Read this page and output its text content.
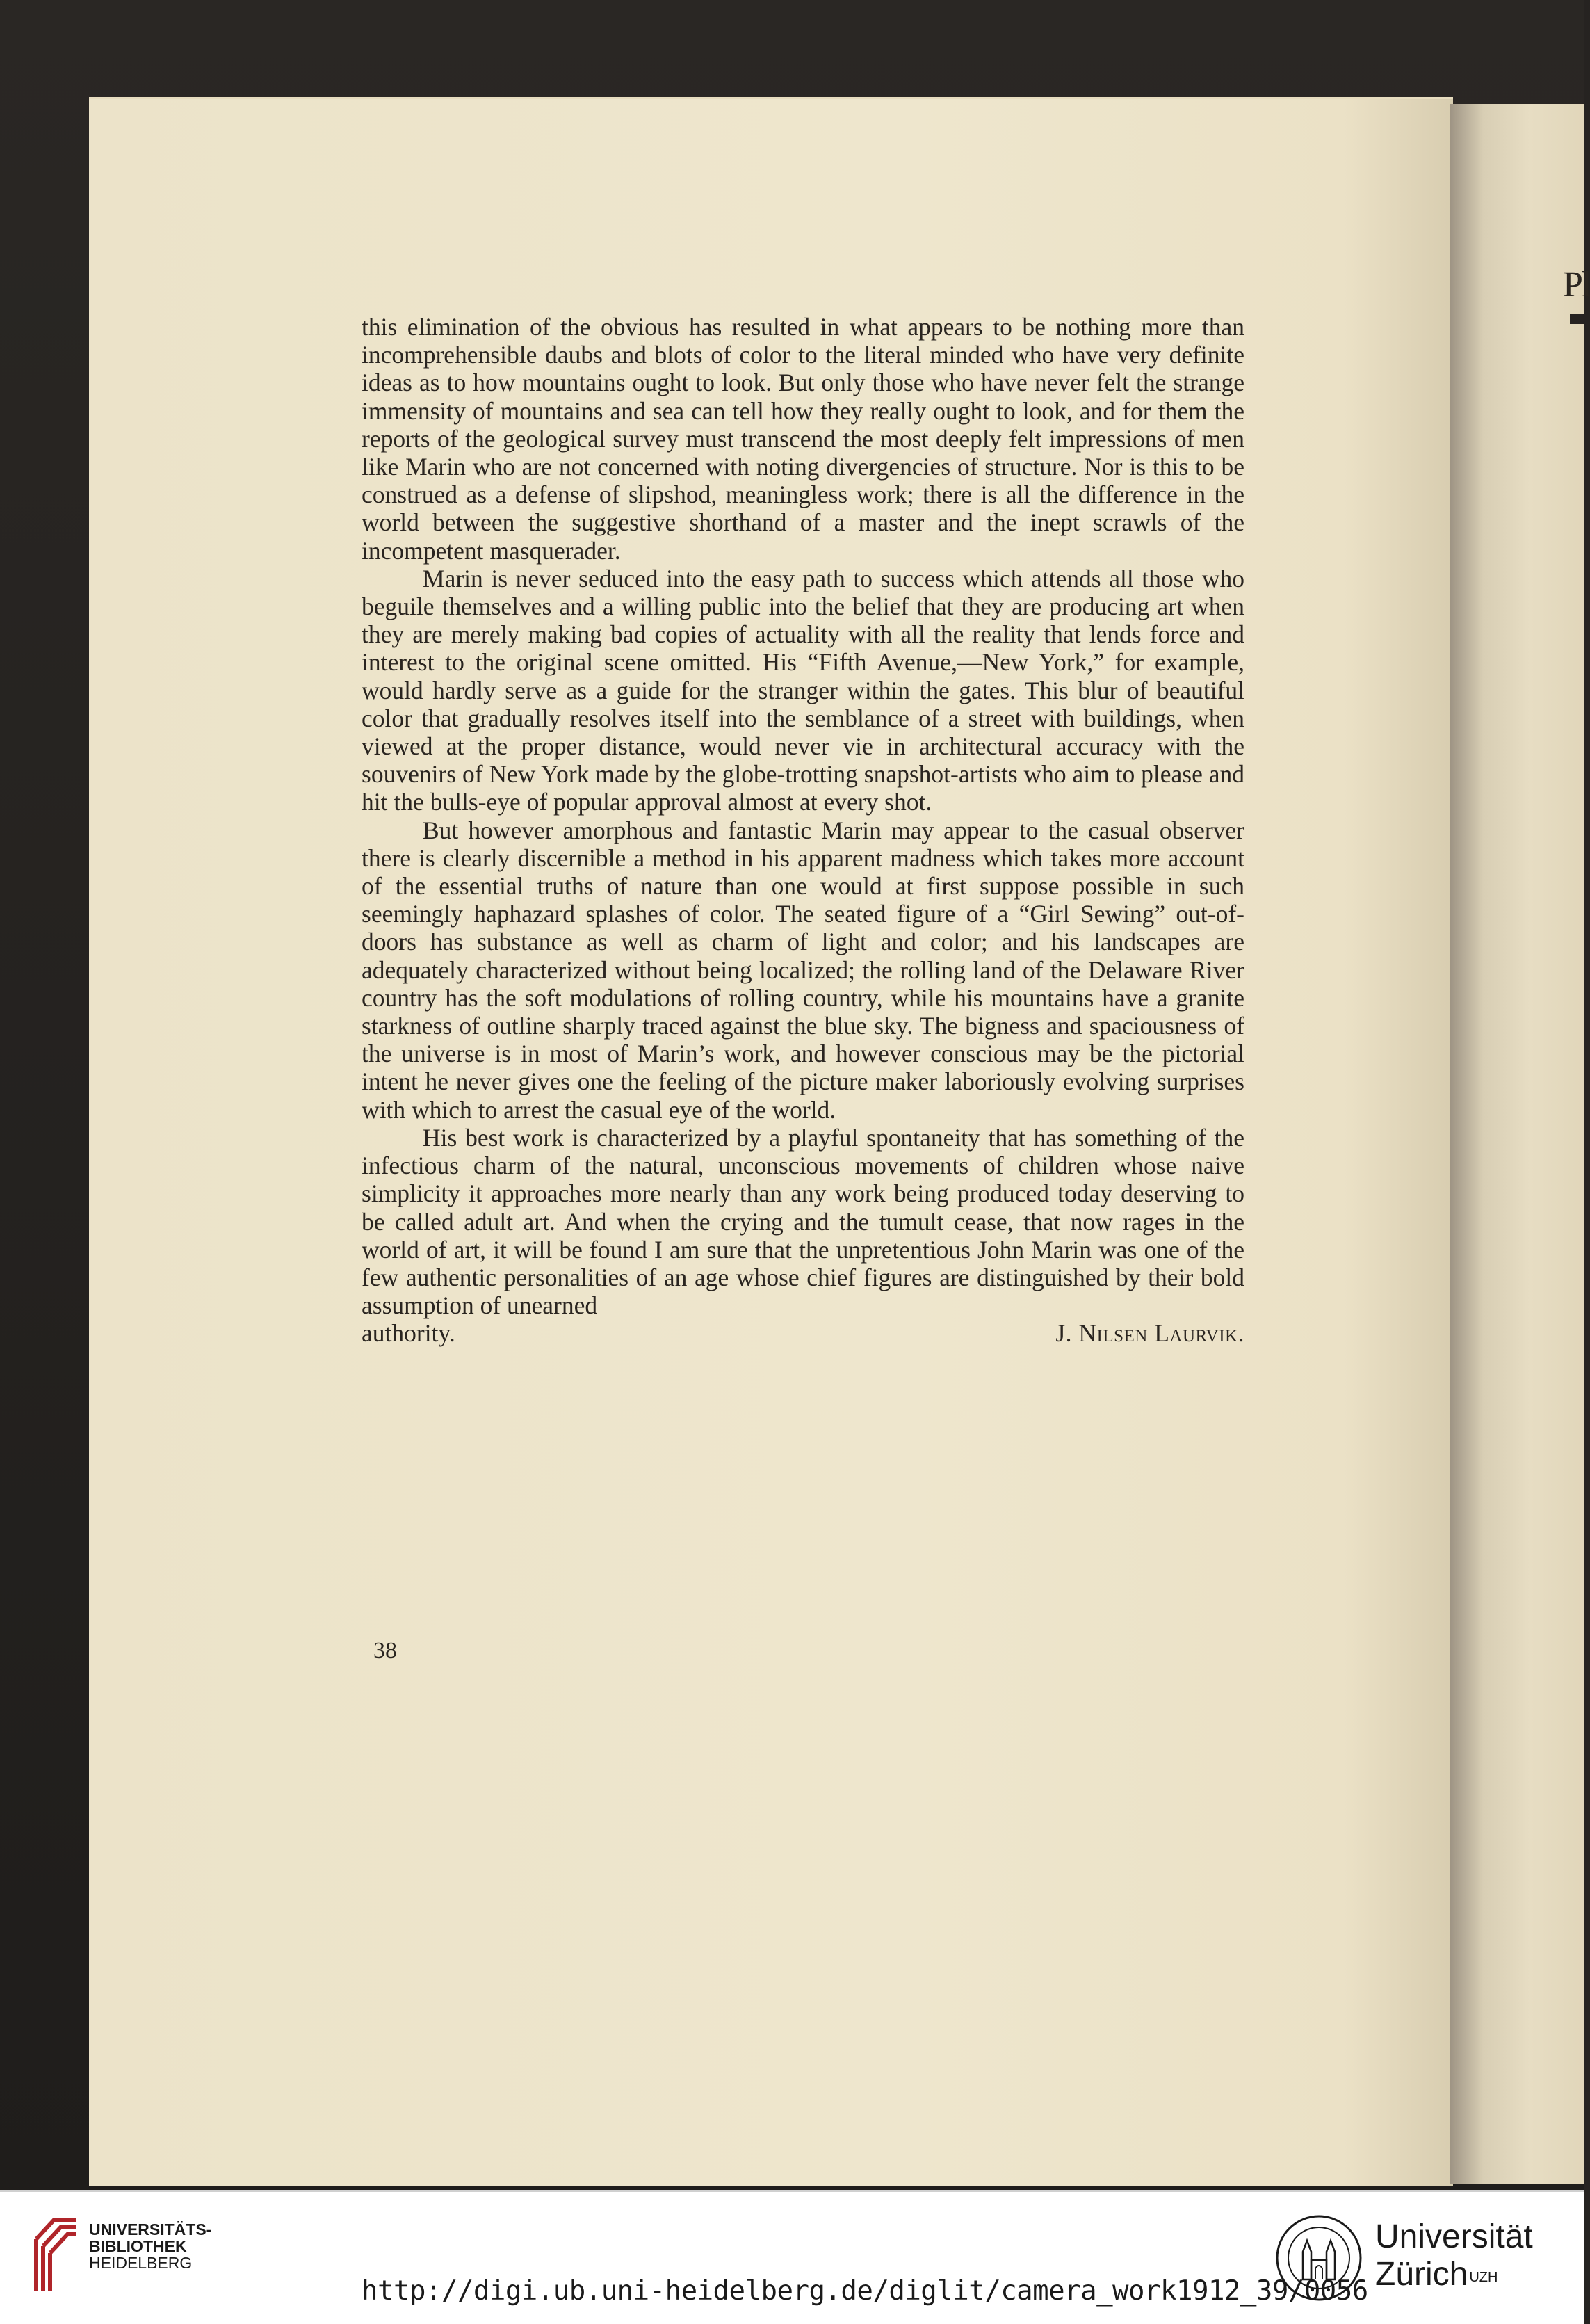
Pl

this elimination of the obvious has resulted in what appears to be nothing more than incomprehensible daubs and blots of color to the literal minded who have very definite ideas as to how mountains ought to look. But only those who have never felt the strange immensity of mountains and sea can tell how they really ought to look, and for them the reports of the geological survey must transcend the most deeply felt impressions of men like Marin who are not concerned with noting divergencies of structure. Nor is this to be construed as a defense of slipshod, meaningless work; there is all the difference in the world between the suggestive shorthand of a master and the inept scrawls of the incompetent masquerader.

Marin is never seduced into the easy path to success which attends all those who beguile themselves and a willing public into the belief that they are producing art when they are merely making bad copies of actuality with all the reality that lends force and interest to the original scene omitted. His “Fifth Avenue,—New York,” for example, would hardly serve as a guide for the stranger within the gates. This blur of beautiful color that gradually resolves itself into the semblance of a street with buildings, when viewed at the proper distance, would never vie in architectural accuracy with the souvenirs of New York made by the globe-trotting snapshot-artists who aim to please and hit the bulls-eye of popular approval almost at every shot.

But however amorphous and fantastic Marin may appear to the casual observer there is clearly discernible a method in his apparent madness which takes more account of the essential truths of nature than one would at first suppose possible in such seemingly haphazard splashes of color. The seated figure of a “Girl Sewing” out-of-doors has substance as well as charm of light and color; and his landscapes are adequately characterized without being localized; the rolling land of the Delaware River country has the soft modulations of rolling country, while his mountains have a granite starkness of outline sharply traced against the blue sky. The bigness and spaciousness of the universe is in most of Marin’s work, and however conscious may be the pictorial intent he never gives one the feeling of the picture maker laboriously evolving surprises with which to arrest the casual eye of the world.

His best work is characterized by a playful spontaneity that has something of the infectious charm of the natural, unconscious movements of children whose naive simplicity it approaches more nearly than any work being produced today deserving to be called adult art. And when the crying and the tumult cease, that now rages in the world of art, it will be found I am sure that the unpretentious John Marin was one of the few authentic personalities of an age whose chief figures are distinguished by their bold assumption of unearned

authority.	J. Nilsen Laurvik.
38
UNIVERSITÄTS-
BIBLIOTHEK
HEIDELBERG
http://digi.ub.uni-heidelberg.de/diglit/camera_work1912_39/0056
Universität
Zürich $^{UZH}$
